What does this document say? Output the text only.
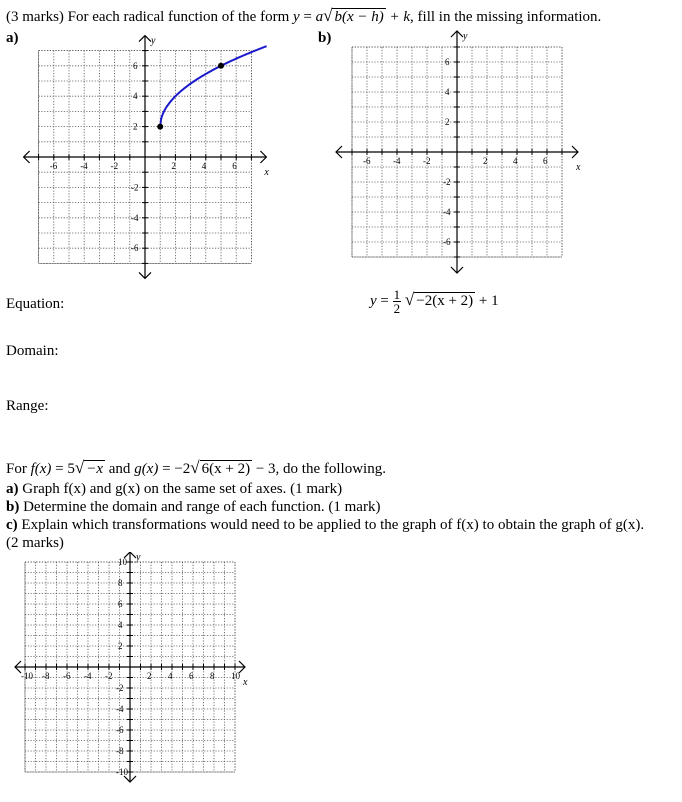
(3 marks) For each radical function of the form y = a√ b(x − h) + k, fill in the missing information.
a)	b)
-6	-4	-2	2	4	6
6
4
2
-2
-4
-6
x
y
-6	-4	-2	2	4	6
6
4
2
-2
-4
-6
x
y
Equation:
Domain:
Range:
$y = \frac{1}{2}$ √ −2(x + 2) + 1
For f(x) = 5√ −x and g(x) = −2√ 6(x + 2) − 3, do the following.
a) Graph f(x) and g(x) on the same set of axes. (1 mark)
b) Determine the domain and range of each function. (1 mark)
c) Explain which transformations would need to be applied to the graph of f(x) to obtain the graph of g(x).
(2 marks)
-10 -8 -6 -4 -2	2 4 6 8 10
10
8
6
4
2
-2
-4
-6
-8
-10
x
y
